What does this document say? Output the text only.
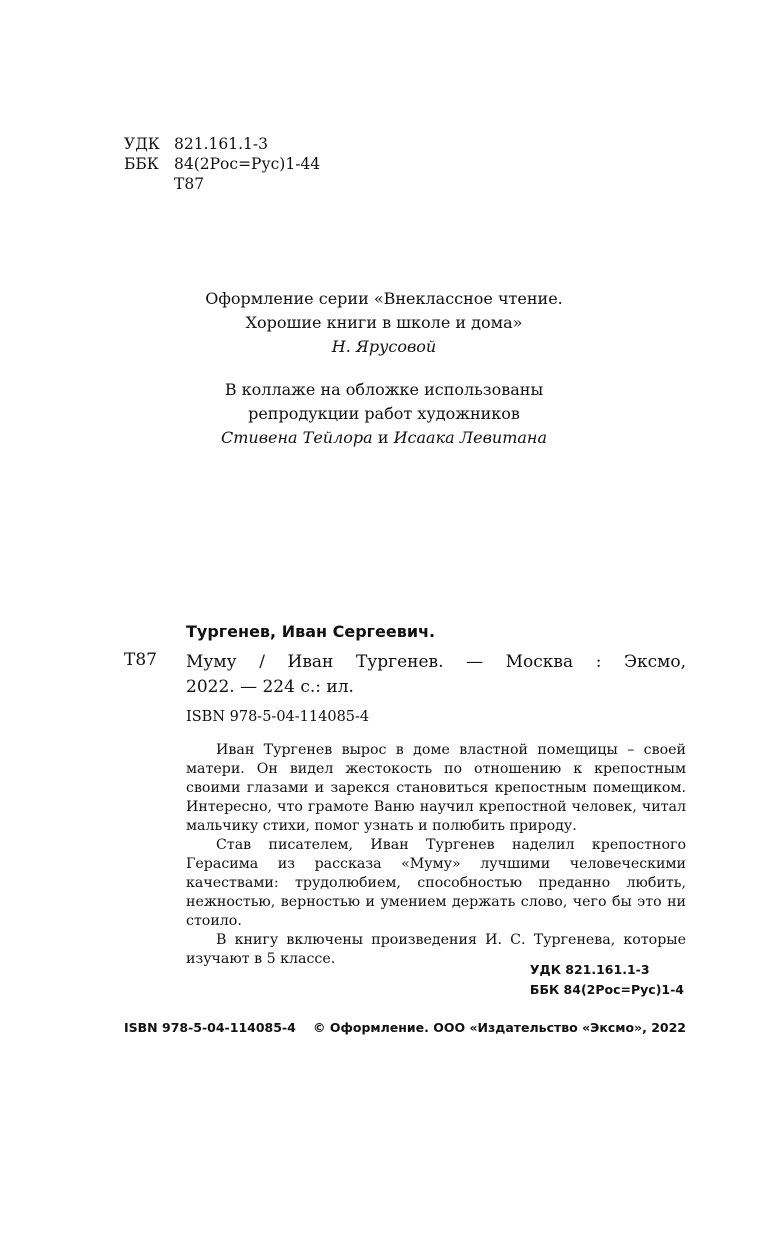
УДК 821.161.1-3
ББК 84(2Рос=Рус)1-44
Т87
Оформление серии «Внеклассное чтение.
Хорошие книги в школе и дома»
Н. Ярусовой
В коллаже на обложке использованы
репродукции работ художников
Стивена Тейлора и Исаака Левитана
Тургенев, Иван Сергеевич.
Т87 Муму / Иван Тургенев. — Москва : Эксмо,
2022. — 224 с.: ил.
ISBN 978-5-04-114085-4

Иван Тургенев вырос в доме властной помещицы – своей матери. Он видел жестокость по отношению к крепостным своими глазами и зарекся становиться крепостным помещиком. Интересно, что грамоте Ваню научил крепостной человек, читал мальчику стихи, помог узнать и полюбить природу.

Став писателем, Иван Тургенев наделил крепостного Герасима из рассказа «Муму» лучшими человеческими качествами: трудолюбием, способностью преданно любить, нежностью, верностью и умением держать слово, чего бы это ни стоило.

В книгу включены произведения И. С. Тургенева, которые изучают в 5 классе.

УДК 821.161.1-3
ББК 84(2Рос=Рус)1-4
ISBN 978-5-04-114085-4 © Оформление. ООО «Издательство «Эксмо», 2022
